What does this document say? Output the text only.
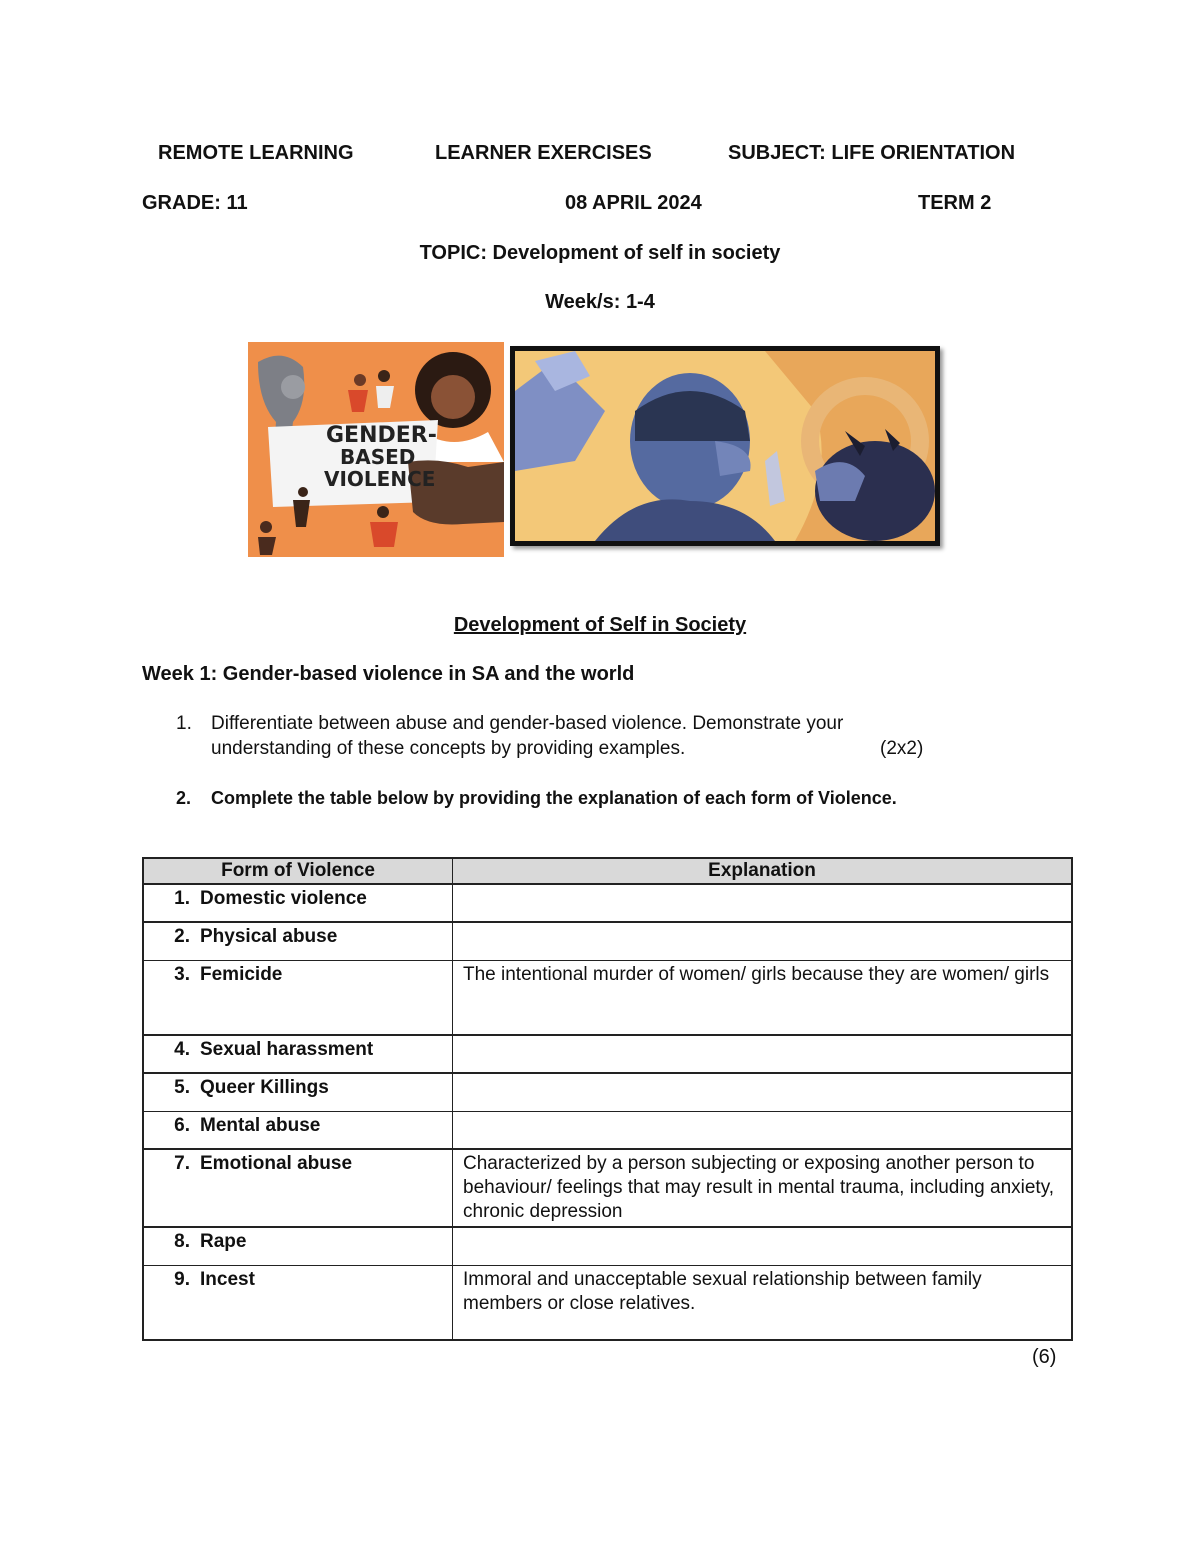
REMOTE LEARNING	LEARNER EXERCISES	SUBJECT: LIFE ORIENTATION
GRADE: 11	08 APRIL 2024	TERM 2
TOPIC: Development of self in society
Week/s: 1-4
GENDER-
BASED
VIOLENCE
Development of Self in Society
Week 1: Gender-based violence in SA and the world
1. Differentiate between abuse and gender-based violence. Demonstrate your
understanding of these concepts by providing examples.	(2x2)
2. Complete the table below by providing the explanation of each form of Violence.
Form of Violence	Explanation
1. Domestic violence	
2. Physical abuse	
3. Femicide	The intentional murder of women/ girls because they are women/ girls
4. Sexual harassment	
5. Queer Killings	
6. Mental abuse	
7. Emotional abuse	Characterized by a person subjecting or exposing another person to behaviour/ feelings that may result in mental trauma, including anxiety, chronic depression
8. Rape	
9. Incest	Immoral and unacceptable sexual relationship between family members or close relatives.
(6)
